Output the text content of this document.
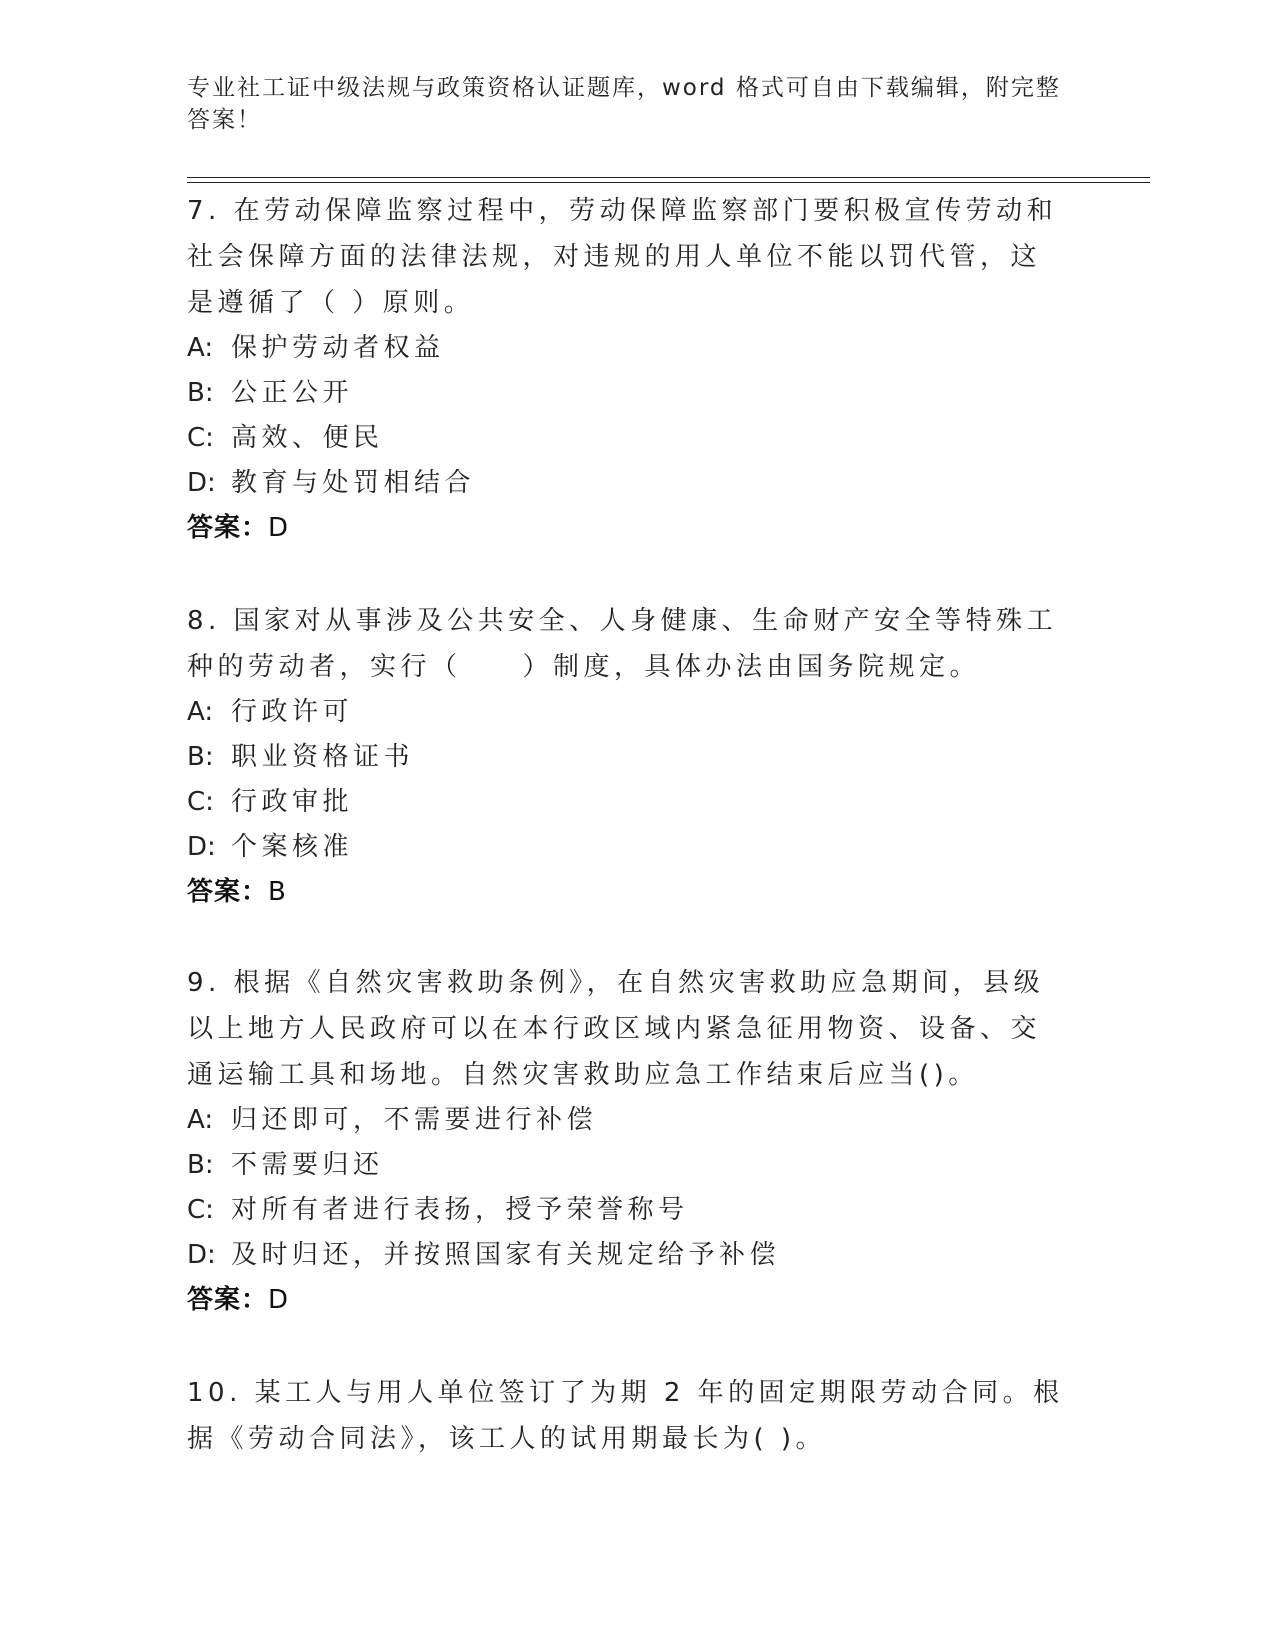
专业社工证中级法规与政策资格认证题库，word 格式可自由下载编辑，附完整答案！

7. 在劳动保障监察过程中，劳动保障监察部门要积极宣传劳动和社会保障方面的法律法规，对违规的用人单位不能以罚代管，这是遵循了（ ）原则。

A: 保护劳动者权益
B: 公正公开
C: 高效、便民
D: 教育与处罚相结合

答案：D

8. 国家对从事涉及公共安全、人身健康、生命财产安全等特殊工种的劳动者，实行（　　）制度，具体办法由国务院规定。

A: 行政许可
B: 职业资格证书
C: 行政审批
D: 个案核准

答案：B

9. 根据《自然灾害救助条例》，在自然灾害救助应急期间，县级以上地方人民政府可以在本行政区域内紧急征用物资、设备、交通运输工具和场地。自然灾害救助应急工作结束后应当()。

A: 归还即可，不需要进行补偿
B: 不需要归还
C: 对所有者进行表扬，授予荣誉称号
D: 及时归还，并按照国家有关规定给予补偿

答案：D

10. 某工人与用人单位签订了为期 2 年的固定期限劳动合同。根据《劳动合同法》，该工人的试用期最长为( )。
